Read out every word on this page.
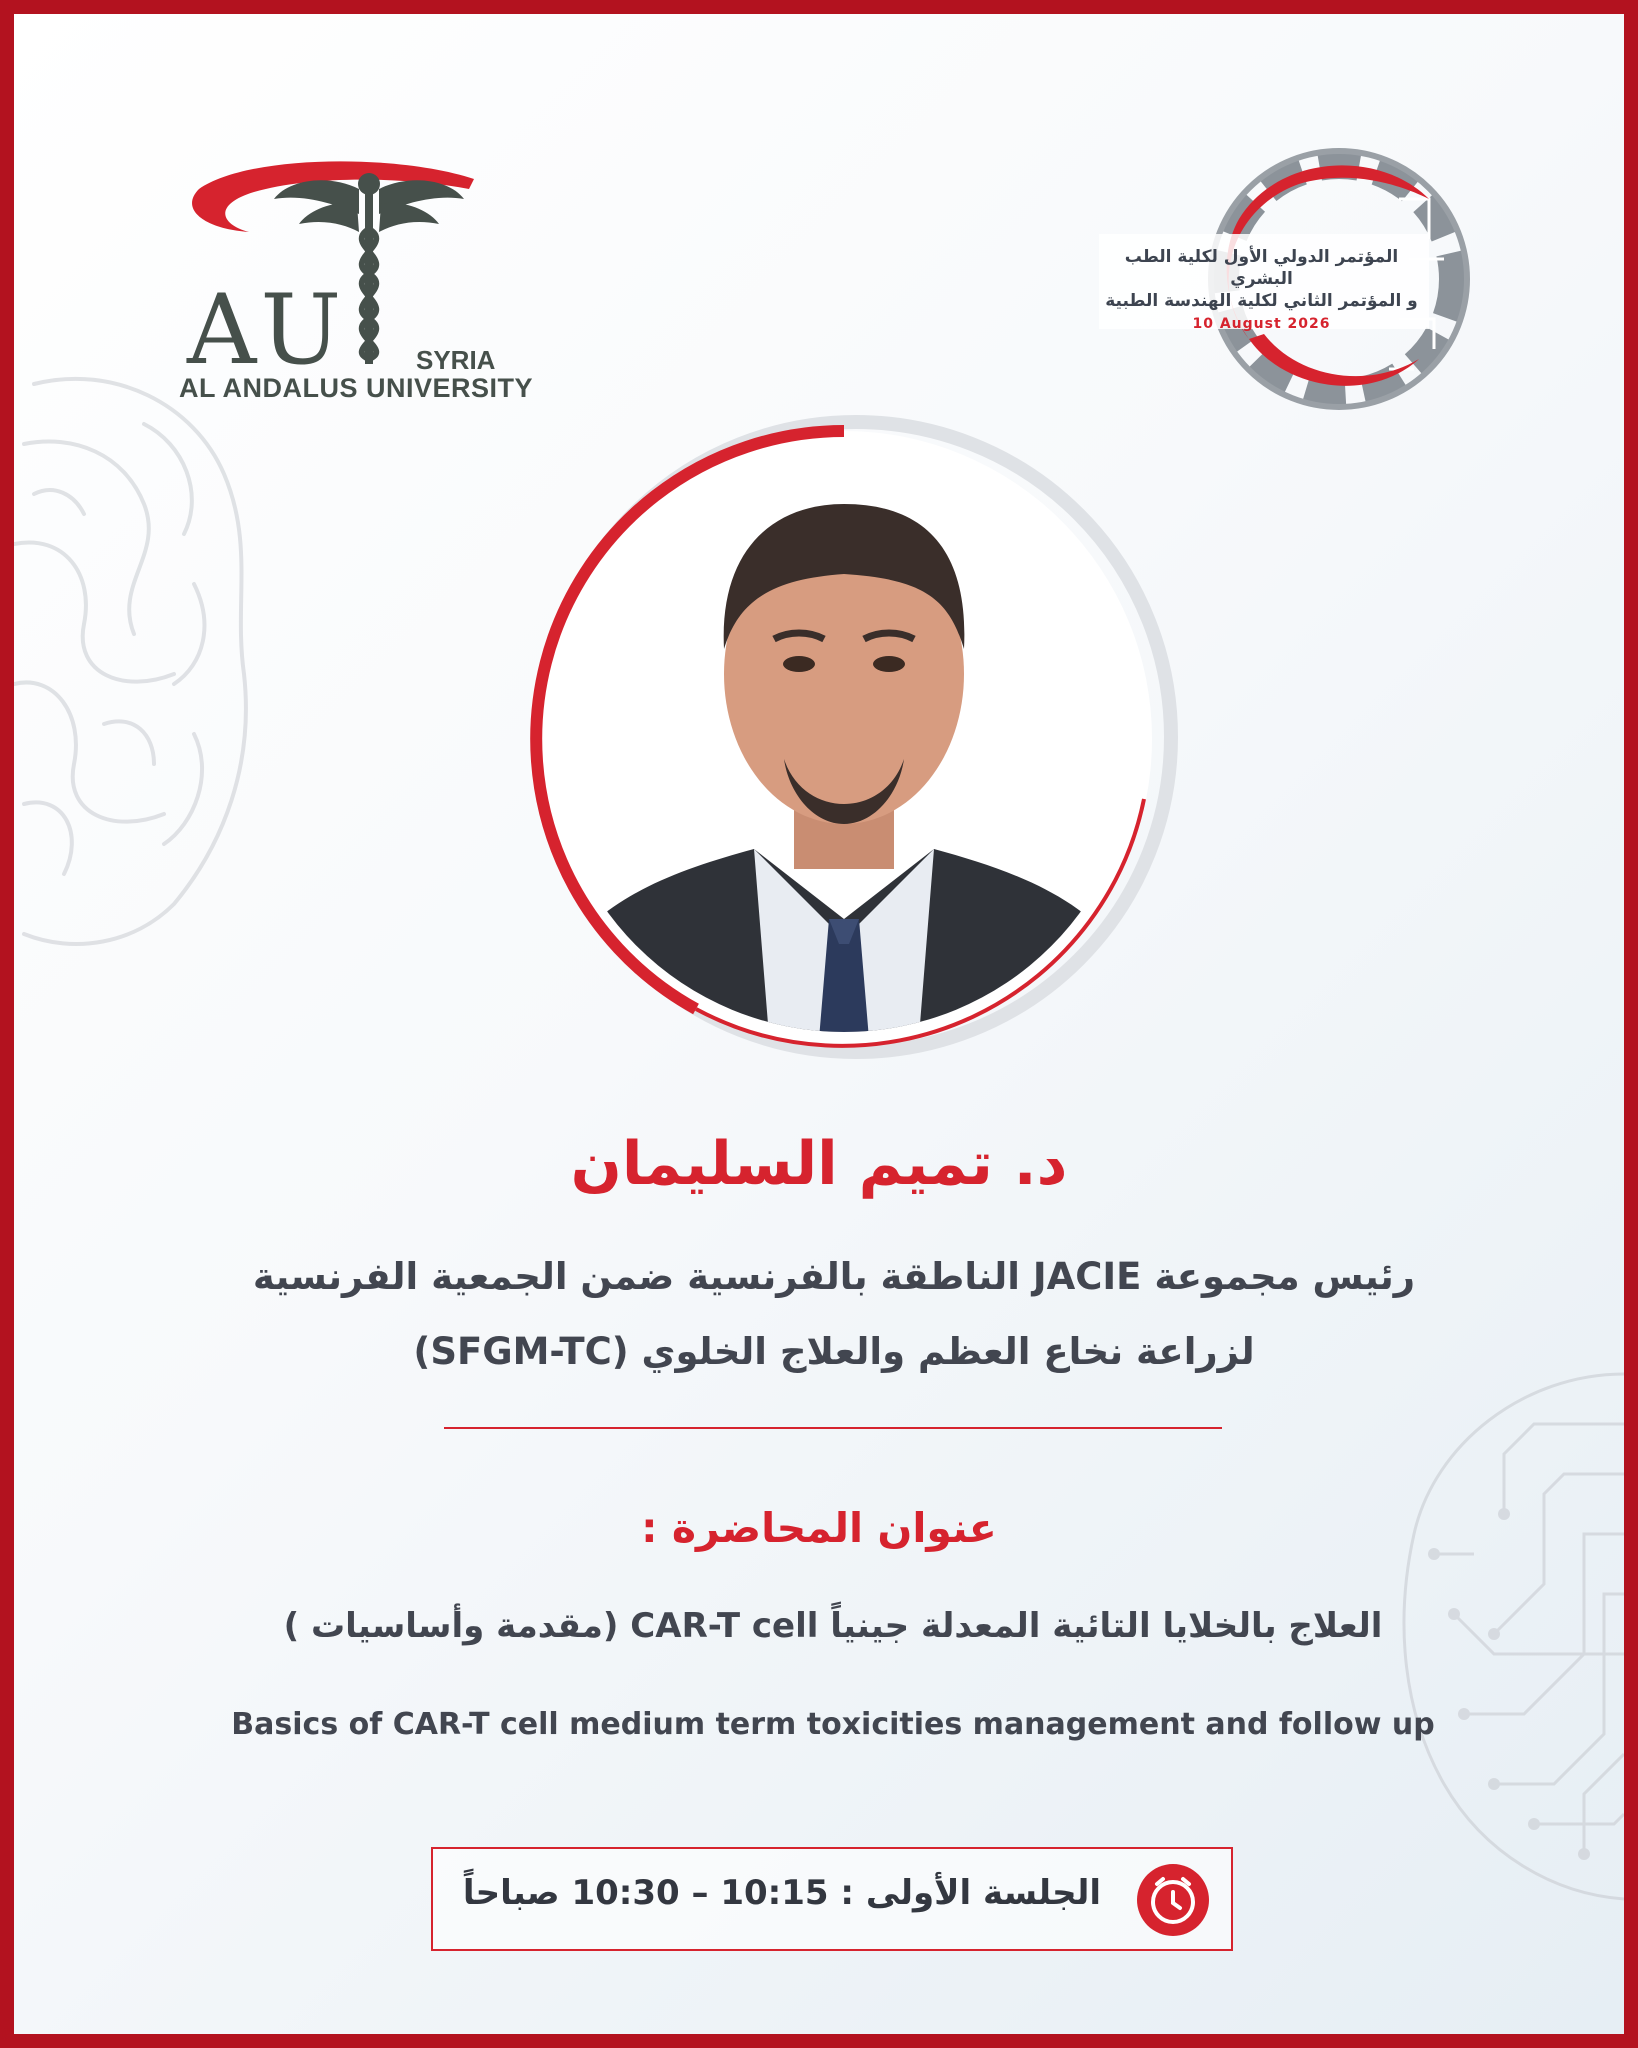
AU	SYRIA
AL ANDALUS UNIVERSITY
المؤتمر الدولي الأول لكلية الطب البشري
و المؤتمر الثاني لكلية الهندسة الطبية
10 August 2026
د. تميم السليمان
رئيس مجموعة JACIE الناطقة بالفرنسية ضمن الجمعية الفرنسية
لزراعة نخاع العظم والعلاج الخلوي (SFGM-TC)
عنوان المحاضرة :
العلاج بالخلايا التائية المعدلة جينياً CAR-T cell (مقدمة وأساسيات )
Basics of CAR-T cell medium term toxicities management and follow up
الجلسة الأولى : 10:15 – 10:30 صباحاً
